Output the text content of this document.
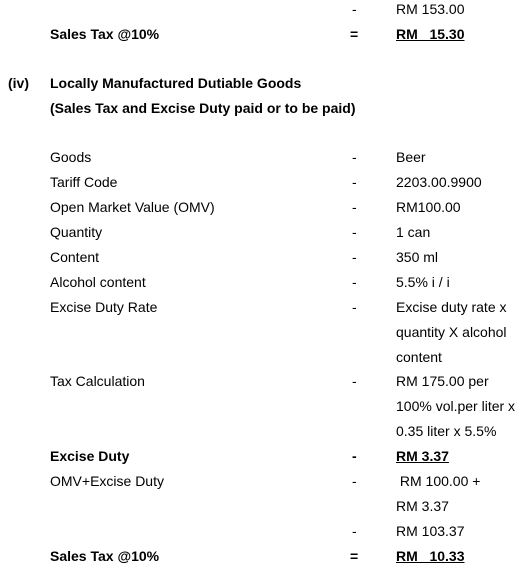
-	RM 153.00
Sales Tax @10%	=	RM   15.30
(iv) Locally Manufactured Dutiable Goods
(Sales Tax and Excise Duty paid or to be paid)
Goods	-	Beer
Tariff Code	-	2203.00.9900
Open Market Value (OMV)	-	RM100.00
Quantity	-	1 can
Content	-	350 ml
Alcohol content	-	5.5% i / i
Excise Duty Rate	-	Excise duty rate x
quantity X alcohol
content
Tax Calculation	-	RM 175.00 per
100% vol.per liter x
0.35 liter x 5.5%
Excise Duty	-	RM 3.37
OMV+Excise Duty	-	RM 100.00 +
RM 3.37
-	RM 103.37
Sales Tax @10%	=	RM   10.33
